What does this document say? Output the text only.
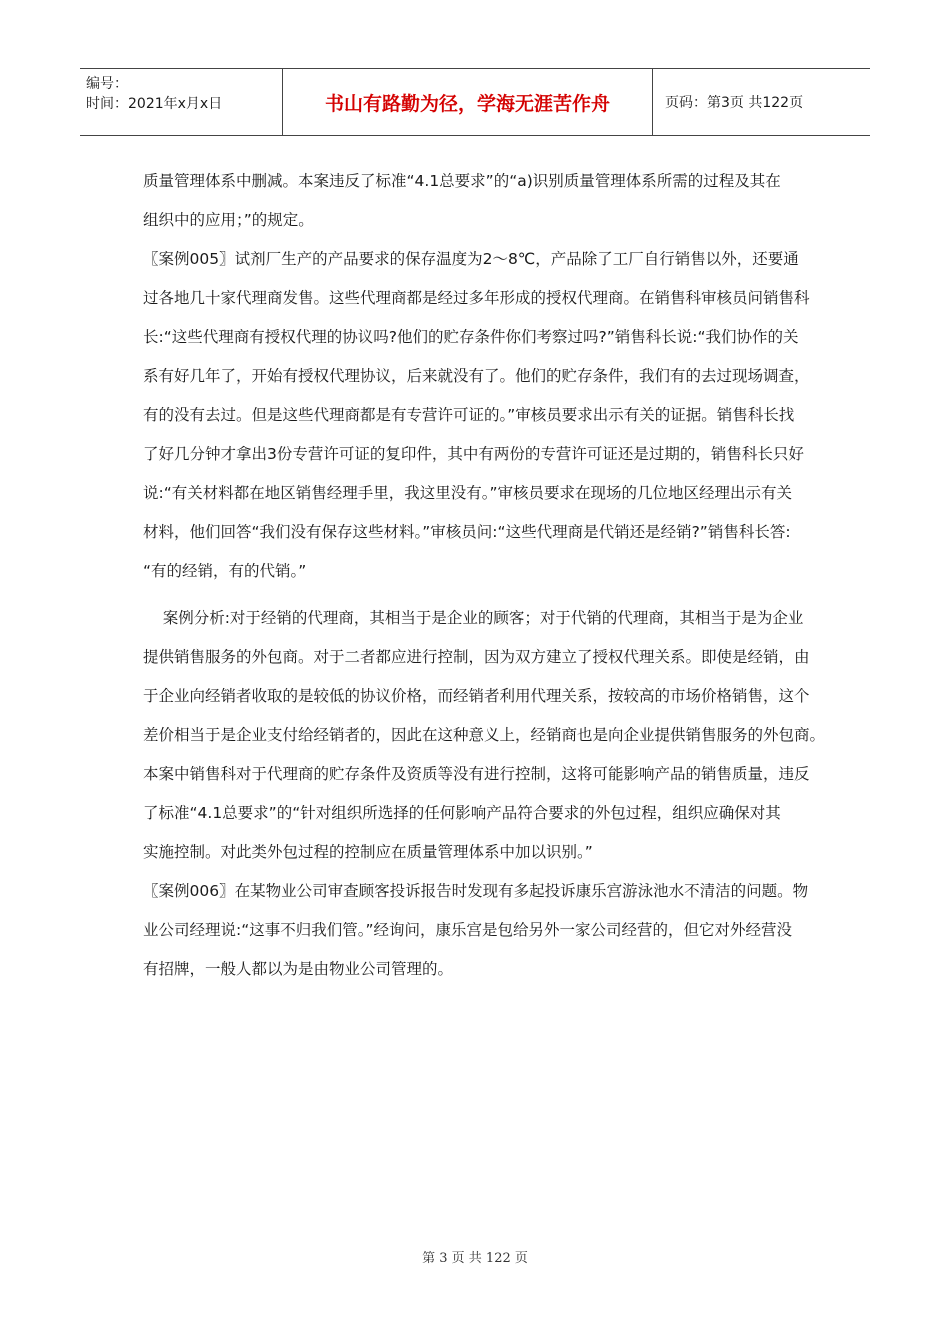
编号：
时间：2021年x月x日	书山有路勤为径，学海无涯苦作舟	页码：第3页 共122页
质量管理体系中删减。本案违反了标准“4.1总要求”的“a)识别质量管理体系所需的过程及其在
组织中的应用；”的规定。
〖案例005〗试剂厂生产的产品要求的保存温度为2～8℃，产品除了工厂自行销售以外，还要通
过各地几十家代理商发售。这些代理商都是经过多年形成的授权代理商。在销售科审核员问销售科
长:“这些代理商有授权代理的协议吗?他们的贮存条件你们考察过吗?”销售科长说:“我们协作的关
系有好几年了，开始有授权代理协议，后来就没有了。他们的贮存条件，我们有的去过现场调查，
有的没有去过。但是这些代理商都是有专营许可证的。”审核员要求出示有关的证据。销售科长找
了好几分钟才拿出3份专营许可证的复印件，其中有两份的专营许可证还是过期的，销售科长只好
说:“有关材料都在地区销售经理手里，我这里没有。”审核员要求在现场的几位地区经理出示有关
材料，他们回答“我们没有保存这些材料。”审核员问:“这些代理商是代销还是经销?”销售科长答:
“有的经销，有的代销。”
案例分析:对于经销的代理商，其相当于是企业的顾客；对于代销的代理商，其相当于是为企业
提供销售服务的外包商。对于二者都应进行控制，因为双方建立了授权代理关系。即使是经销，由
于企业向经销者收取的是较低的协议价格，而经销者利用代理关系，按较高的市场价格销售，这个
差价相当于是企业支付给经销者的，因此在这种意义上，经销商也是向企业提供销售服务的外包商。
本案中销售科对于代理商的贮存条件及资质等没有进行控制，这将可能影响产品的销售质量，违反
了标准“4.1总要求”的“针对组织所选择的任何影响产品符合要求的外包过程，组织应确保对其
实施控制。对此类外包过程的控制应在质量管理体系中加以识别。”
〖案例006〗在某物业公司审查顾客投诉报告时发现有多起投诉康乐宫游泳池水不清洁的问题。物
业公司经理说:“这事不归我们管。”经询问，康乐宫是包给另外一家公司经营的，但它对外经营没
有招牌，一般人都以为是由物业公司管理的。
第 3 页 共 122 页
